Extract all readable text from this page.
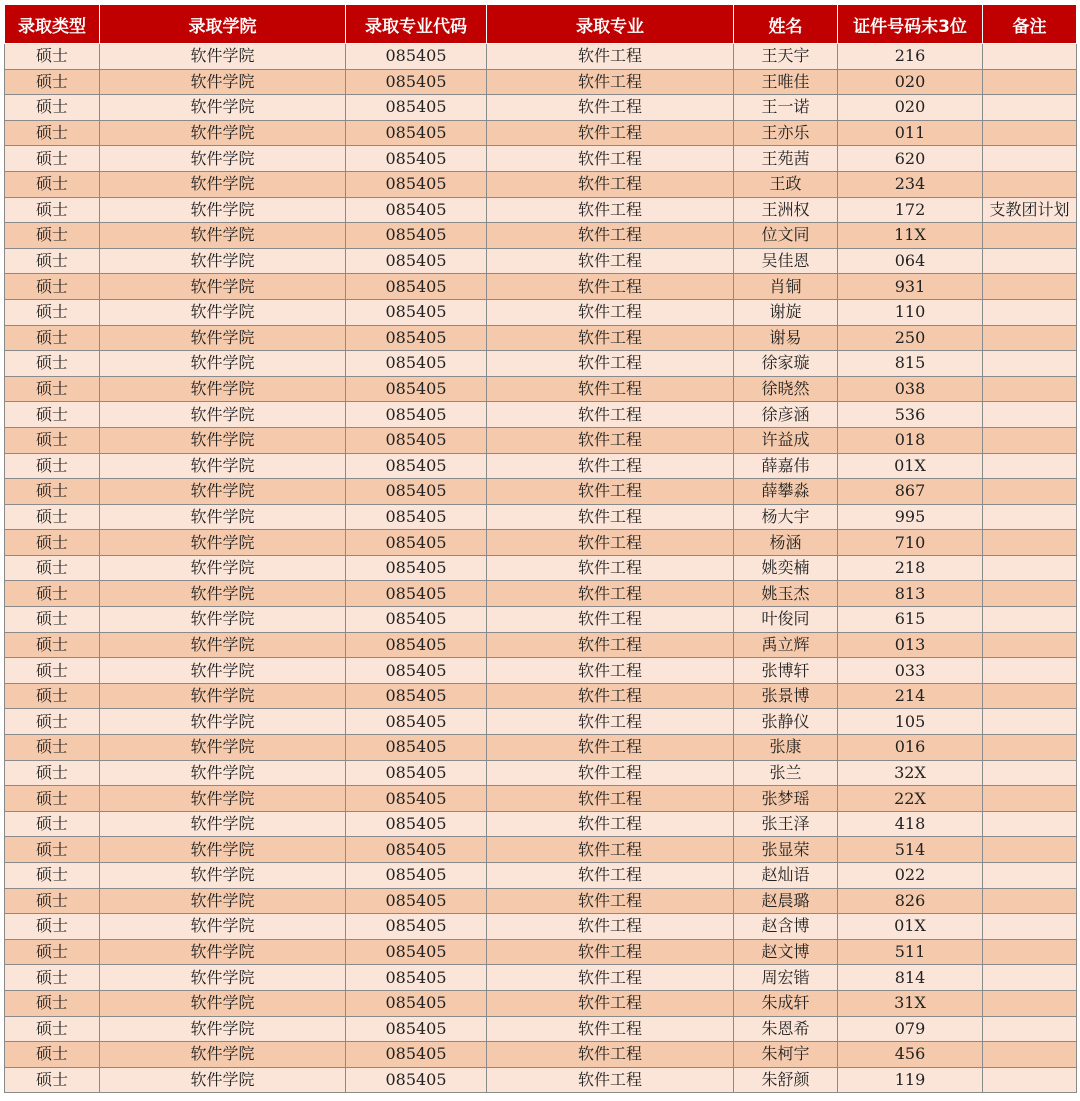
录取类型	录取学院	录取专业代码	录取专业	姓名	证件号码末3位	备注
硕士	软件学院	085405	软件工程	王天宇	216	
硕士	软件学院	085405	软件工程	王唯佳	020	
硕士	软件学院	085405	软件工程	王一诺	020	
硕士	软件学院	085405	软件工程	王亦乐	011	
硕士	软件学院	085405	软件工程	王苑茜	620	
硕士	软件学院	085405	软件工程	王政	234	
硕士	软件学院	085405	软件工程	王洲权	172	支教团计划
硕士	软件学院	085405	软件工程	位文同	11X	
硕士	软件学院	085405	软件工程	吴佳恩	064	
硕士	软件学院	085405	软件工程	肖铜	931	
硕士	软件学院	085405	软件工程	谢旋	110	
硕士	软件学院	085405	软件工程	谢易	250	
硕士	软件学院	085405	软件工程	徐家璇	815	
硕士	软件学院	085405	软件工程	徐晓然	038	
硕士	软件学院	085405	软件工程	徐彦涵	536	
硕士	软件学院	085405	软件工程	许益成	018	
硕士	软件学院	085405	软件工程	薛嘉伟	01X	
硕士	软件学院	085405	软件工程	薛攀淼	867	
硕士	软件学院	085405	软件工程	杨大宇	995	
硕士	软件学院	085405	软件工程	杨涵	710	
硕士	软件学院	085405	软件工程	姚奕楠	218	
硕士	软件学院	085405	软件工程	姚玉杰	813	
硕士	软件学院	085405	软件工程	叶俊同	615	
硕士	软件学院	085405	软件工程	禹立辉	013	
硕士	软件学院	085405	软件工程	张博轩	033	
硕士	软件学院	085405	软件工程	张景博	214	
硕士	软件学院	085405	软件工程	张静仪	105	
硕士	软件学院	085405	软件工程	张康	016	
硕士	软件学院	085405	软件工程	张兰	32X	
硕士	软件学院	085405	软件工程	张梦瑶	22X	
硕士	软件学院	085405	软件工程	张王泽	418	
硕士	软件学院	085405	软件工程	张显荣	514	
硕士	软件学院	085405	软件工程	赵灿语	022	
硕士	软件学院	085405	软件工程	赵晨璐	826	
硕士	软件学院	085405	软件工程	赵含博	01X	
硕士	软件学院	085405	软件工程	赵文博	511	
硕士	软件学院	085405	软件工程	周宏锴	814	
硕士	软件学院	085405	软件工程	朱成轩	31X	
硕士	软件学院	085405	软件工程	朱恩希	079	
硕士	软件学院	085405	软件工程	朱柯宇	456	
硕士	软件学院	085405	软件工程	朱舒颜	119	
